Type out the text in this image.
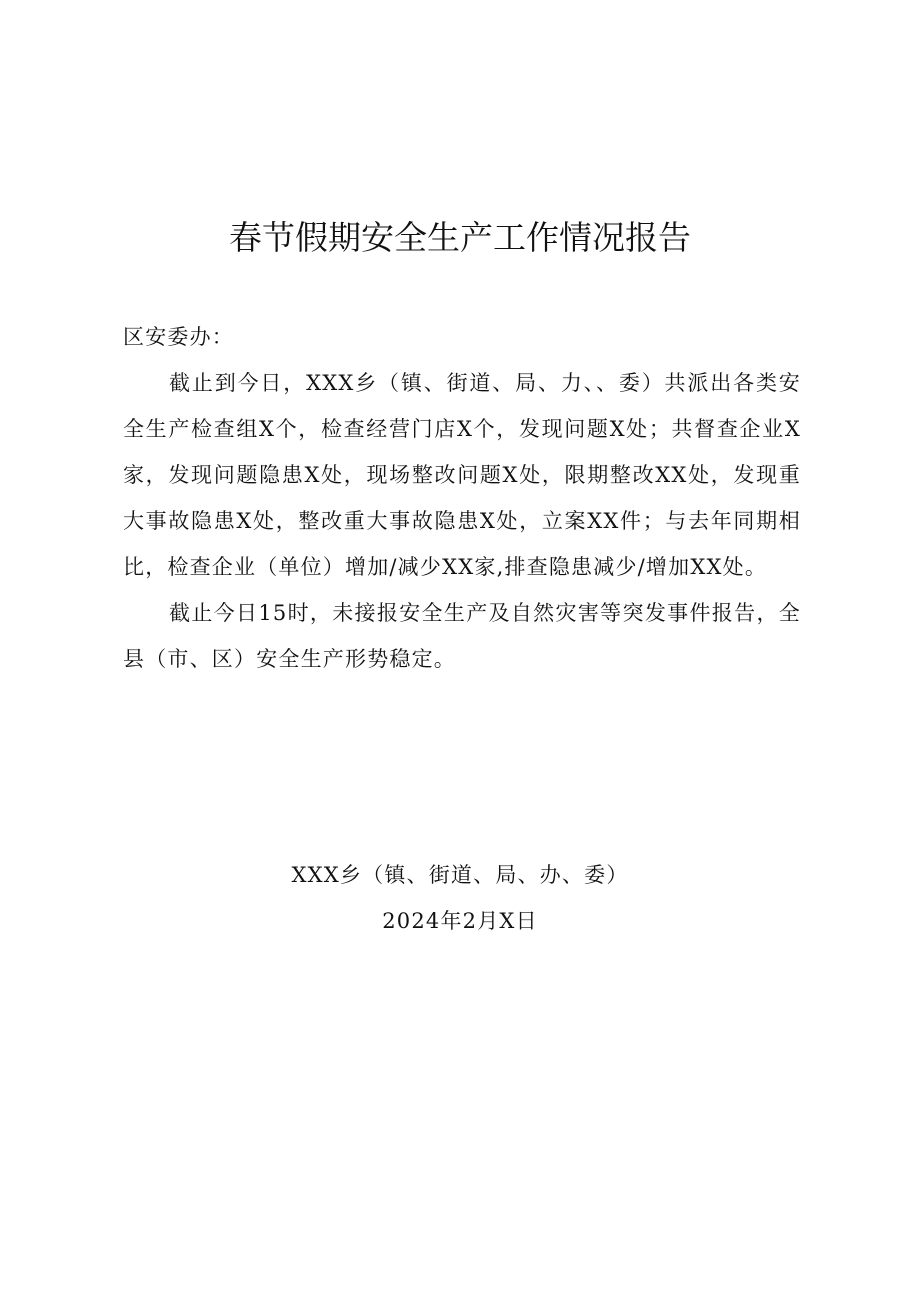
春节假期安全生产工作情况报告

区安委办：

截止到今日，XXX乡（镇、街道、局、力、、委）共派出各类安全生产检查组X个，检查经营门店X个，发现问题X处；共督查企业X家，发现问题隐患X处，现场整改问题X处，限期整改XX处，发现重大事故隐患X处，整改重大事故隐患X处，立案XX件；与去年同期相比，检查企业（单位）增加/减少XX家,排查隐患减少/增加XX处。

截止今日15时，未接报安全生产及自然灾害等突发事件报告，全县（市、区）安全生产形势稳定。

XXX乡（镇、街道、局、办、委）
2024年2月X日
